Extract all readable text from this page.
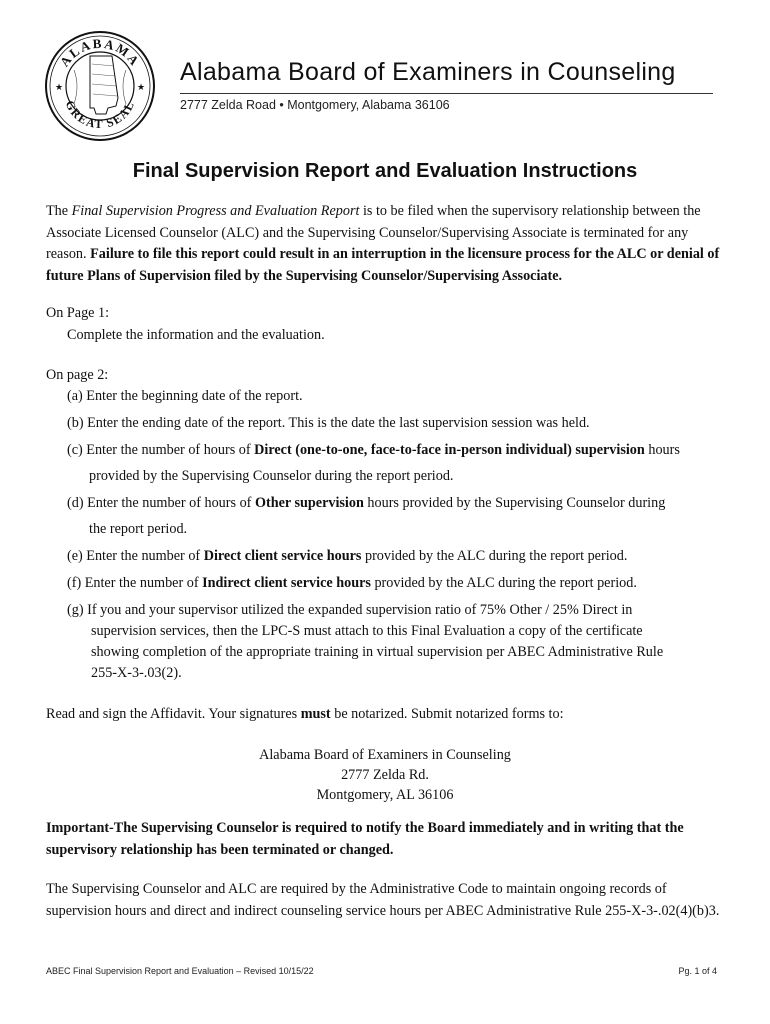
ALABAMA
GREAT SEAL
★	★
Alabama Board of Examiners in Counseling
2777 Zelda Road • Montgomery, Alabama 36106
Final Supervision Report and Evaluation Instructions
The Final Supervision Progress and Evaluation Report is to be filed when the supervisory relationship between the Associate Licensed Counselor (ALC) and the Supervising Counselor/Supervising Associate is terminated for any reason. Failure to file this report could result in an interruption in the licensure process for the ALC or denial of future Plans of Supervision filed by the Supervising Counselor/Supervising Associate.
On Page 1:
Complete the information and the evaluation.
On page 2:
(a) Enter the beginning date of the report.
(b) Enter the ending date of the report. This is the date the last supervision session was held.
(c) Enter the number of hours of Direct (one-to-one, face-to-face in-person individual) supervision hours
provided by the Supervising Counselor during the report period.
(d) Enter the number of hours of Other supervision hours provided by the Supervising Counselor during
the report period.
(e) Enter the number of Direct client service hours provided by the ALC during the report period.
(f) Enter the number of Indirect client service hours provided by the ALC during the report period.
(g) If you and your supervisor utilized the expanded supervision ratio of 75% Other / 25% Direct in
supervision services, then the LPC-S must attach to this Final Evaluation a copy of the certificate
showing completion of the appropriate training in virtual supervision per ABEC Administrative Rule
255-X-3-.03(2).
Read and sign the Affidavit. Your signatures must be notarized. Submit notarized forms to:
Alabama Board of Examiners in Counseling
2777 Zelda Rd.
Montgomery, AL 36106
Important-The Supervising Counselor is required to notify the Board immediately and in writing that the supervisory relationship has been terminated or changed.
The Supervising Counselor and ALC are required by the Administrative Code to maintain ongoing records of supervision hours and direct and indirect counseling service hours per ABEC Administrative Rule 255-X-3-.02(4)(b)3.
ABEC Final Supervision Report and Evaluation – Revised 10/15/22	Pg. 1 of 4
